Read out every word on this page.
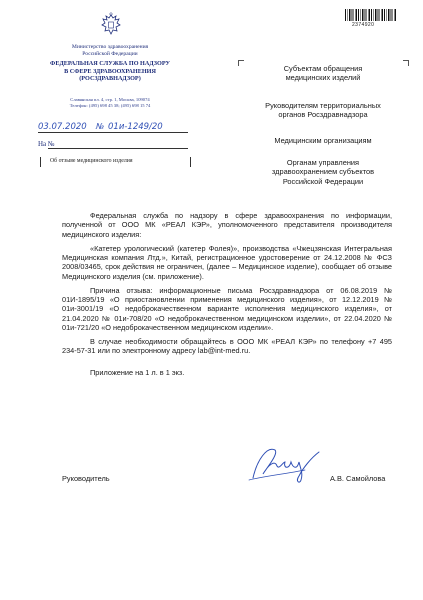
Министерство здравоохранения
Российской Федерации
ФЕДЕРАЛЬНАЯ СЛУЖБА ПО НАДЗОРУ
В СФЕРЕ ЗДРАВООХРАНЕНИЯ
(РОСЗДРАВНАДЗОР)
Славянская пл. 4, стр. 1, Москва, 109074
Телефон: (495) 698 45 38; (495) 698 15 74
03.07.2020 № 01и-1249/20
На №
Об отзыве медицинского изделия
2374920
Субъектам обращения
медицинских изделий
Руководителям территориальных
органов Росздравнадзора
Медицинским организациям
Органам управления
здравоохранением субъектов
Российской Федерации

Федеральная служба по надзору в сфере здравоохранения по информации, полученной от ООО МК «РЕАЛ КЭР», уполномоченного представителя производителя медицинского изделия:

«Катетер урологический (катетер Фолея)», производства «Чжецзянская Интегральная Медицинская компания Лтд.», Китай, регистрационное удостоверение от 24.12.2008 № ФСЗ 2008/03465, срок действия не ограничен, (далее – Медицинское изделие), сообщает об отзыве Медицинского изделия (см. приложение).

Причина отзыва: информационные письма Росздравнадзора от 06.08.2019 № 01И-1895/19 «О приостановлении применения медицинского изделия», от 12.12.2019 № 01и-3001/19 «О недоброкачественном варианте исполнения медицинского изделия», от 21.04.2020 № 01и-708/20 «О недоброкачественном медицинском изделии», от 22.04.2020 № 01и-721/20 «О недоброкачественном медицинском изделии».

В случае необходимости обращайтесь в ООО МК «РЕАЛ КЭР» по телефону +7 495 234-57-31 или по электронному адресу lab@int-med.ru.

Приложение на 1 л. в 1 экз.

Руководитель	А.В. Самойлова
